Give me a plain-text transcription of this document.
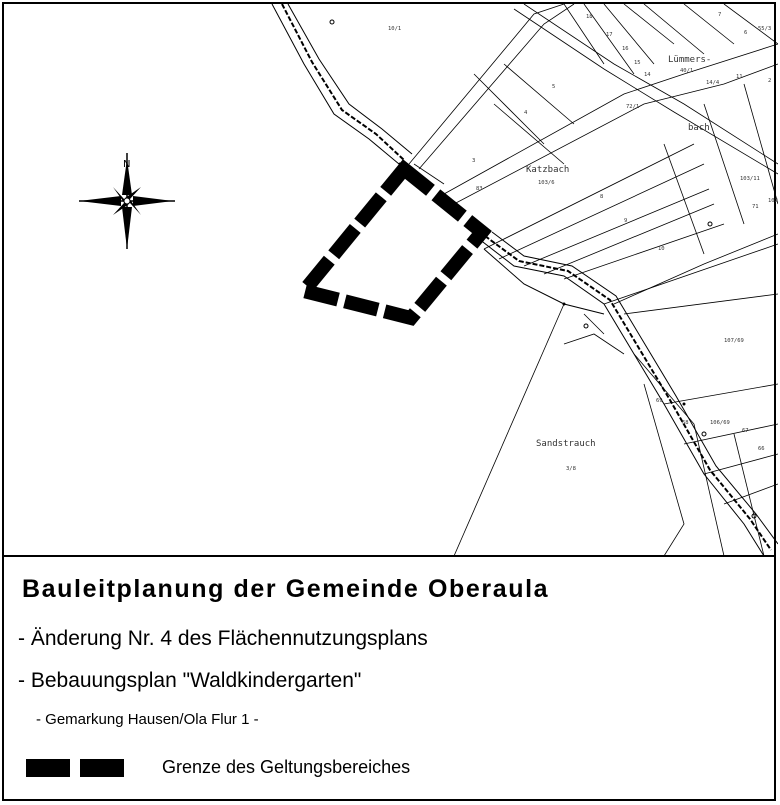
N	Katzbach
Lümmers-
bach
Sandstrauch
10/1
18
17
16
15
14
40/1
14/4
7
6
5
4
3
2
72/1
83
103/6
8
9
10
11
71
103/11
102
107/69
69
68	106/69
67
66
3/8
55/3
Bauleitplanung der Gemeinde Oberaula
- Änderung Nr. 4 des Flächennutzungsplans
- Bebauungsplan "Waldkindergarten"
- Gemarkung Hausen/Ola Flur 1 -
Grenze des Geltungsbereiches
